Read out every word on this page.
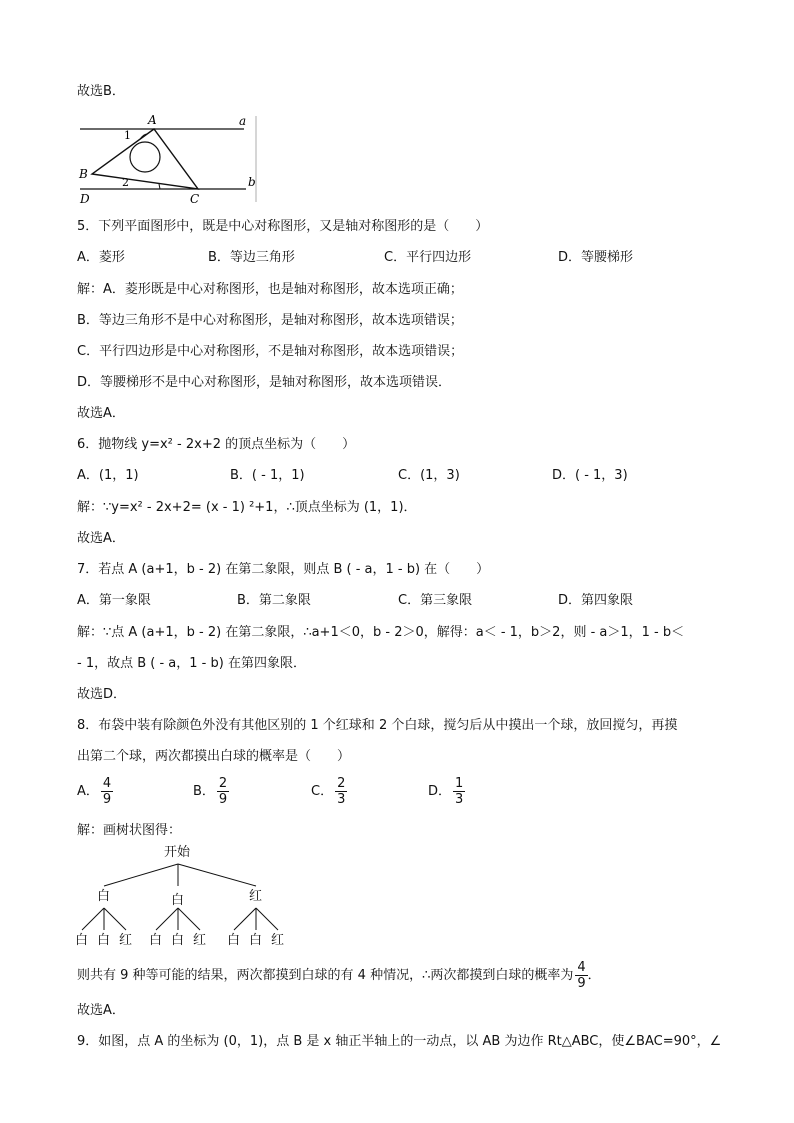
故选B．
A	a
1
B
2	b
D	C
5．下列平面图形中，既是中心对称图形，又是轴对称图形的是（　　）
A．菱形	B．等边三角形	C．平行四边形	D．等腰梯形
解：A．菱形既是中心对称图形，也是轴对称图形，故本选项正确；
B．等边三角形不是中心对称图形，是轴对称图形，故本选项错误；
C．平行四边形是中心对称图形，不是轴对称图形，故本选项错误；
D．等腰梯形不是中心对称图形，是轴对称图形，故本选项错误．
故选A．
6．抛物线 y=x² - 2x+2 的顶点坐标为（　　）
A．(1，1)	B．( - 1，1)	C．(1，3)	D．( - 1，3)
解：∵y=x² - 2x+2= (x - 1) ²+1，∴顶点坐标为 (1，1)．
故选A．
7．若点 A (a+1，b - 2) 在第二象限，则点 B ( - a，1 - b) 在（　　）
A．第一象限	B．第二象限	C．第三象限	D．第四象限
解：∵点 A (a+1，b - 2) 在第二象限，∴a+1＜0，b - 2＞0，解得：a＜ - 1，b＞2，则 - a＞1，1 - b＜
- 1，故点 B ( - a，1 - b) 在第四象限．
故选D．
8．布袋中装有除颜色外没有其他区别的 1 个红球和 2 个白球，搅匀后从中摸出一个球，放回搅匀，再摸
出第二个球，两次都摸出白球的概率是（　　）
A． $\frac{4}{9}$	B． $\frac{2}{9}$	C． $\frac{2}{3}$	D． $\frac{1}{3}$
解：画树状图得：
开始
白	白	红
白 白 红 白 白 红 白 白 红
则共有 9 种等可能的结果，两次都摸到白球的有 4 种情况，∴两次都摸到白球的概率为 $\frac{4}{9}$ ．
故选A．
9．如图，点 A 的坐标为 (0，1)，点 B 是 x 轴正半轴上的一动点，以 AB 为边作 Rt△ABC，使∠BAC=90°，∠
